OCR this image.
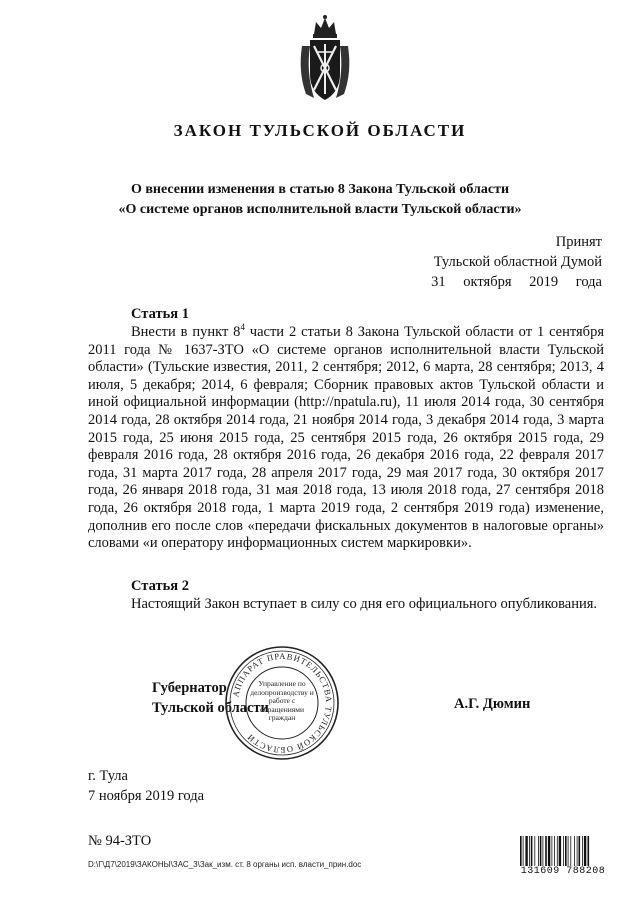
ЗАКОН ТУЛЬСКОЙ ОБЛАСТИ
О внесении изменения в статью 8 Закона Тульской области
«О системе органов исполнительной власти Тульской области»
Принят
Тульской областной Думой
31 октября 2019 года
Статья 1
Внести в пункт $8^4$ части 2 статьи 8 Закона Тульской области от 1 сентября 2011 года № 1637-ЗТО «О системе органов исполнительной власти Тульской области» (Тульские известия, 2011, 2 сентября; 2012, 6 марта, 28 сентября; 2013, 4 июля, 5 декабря; 2014, 6 февраля; Сборник правовых актов Тульской области и иной официальной информации (http://npatula.ru), 11 июля 2014 года, 30 сентября 2014 года, 28 октября 2014 года, 21 ноября 2014 года, 3 декабря 2014 года, 3 марта 2015 года, 25 июня 2015 года, 25 сентября 2015 года, 26 октября 2015 года, 29 февраля 2016 года, 28 октября 2016 года, 26 декабря 2016 года, 22 февраля 2017 года, 31 марта 2017 года, 28 апреля 2017 года, 29 мая 2017 года, 30 октября 2017 года, 26 января 2018 года, 31 мая 2018 года, 13 июля 2018 года, 27 сентября 2018 года, 26 октября 2018 года, 1 марта 2019 года, 2 сентября 2019 года) изменение, дополнив его после слов «передачи фискальных документов в налоговые органы» словами «и оператору информационных систем маркировки».
Статья 2
Настоящий Закон вступает в силу со дня его официального опубликования.
Губернатор
Тульской области	А.Г. Дюмин
АППАРАТ ПРАВИТЕЛЬСТВА ТУЛЬСКОЙ ОБЛАСТИ
Управление по делопроизводству и работе с обращениями граждан
г. Тула
7 ноября 2019 года
№ 94-ЗТО
D:\Г\Д7\2019\ЗАКОНЫ\ЗАС_3\Зак_изм. ст. 8 органы исп. власти_прин.doc
131609 788208
